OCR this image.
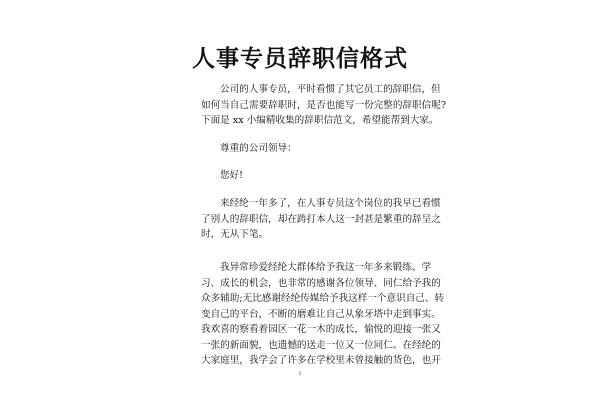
人事专员辞职信格式

公司的人事专员，平时看惯了其它员工的辞职信，但
如何当自己需要辞职时，是否也能写一份完整的辞职信呢?
下面是 xx 小编精收集的辞职信范文，希望能帮到大家。

尊重的公司领导：

您好!

来经纶一年多了，在人事专员这个岗位的我早已看惯
了别人的辞职信，却在踌打本人这一封甚是繁重的辞呈之
时，无从下笔。

我异常珍爱经纶大群体给予我这一年多来锻练、学
习、成长的机会，也非常的感谢各位领导、同仁给予我的
众多辅助;无比感谢经纶传媒给予我这样一个意识自己、转
变自己的平台，不断的磨难让自己从象牙塔中走到事实。
我欢喜的察看着园区一花一木的成长，愉悦的迎接一张又
一张的新面貌，也遗憾的送走一位又一位同仁。在经纶的
大家庭里，我学会了许多在学校里未曾接触的货色，也开

1
